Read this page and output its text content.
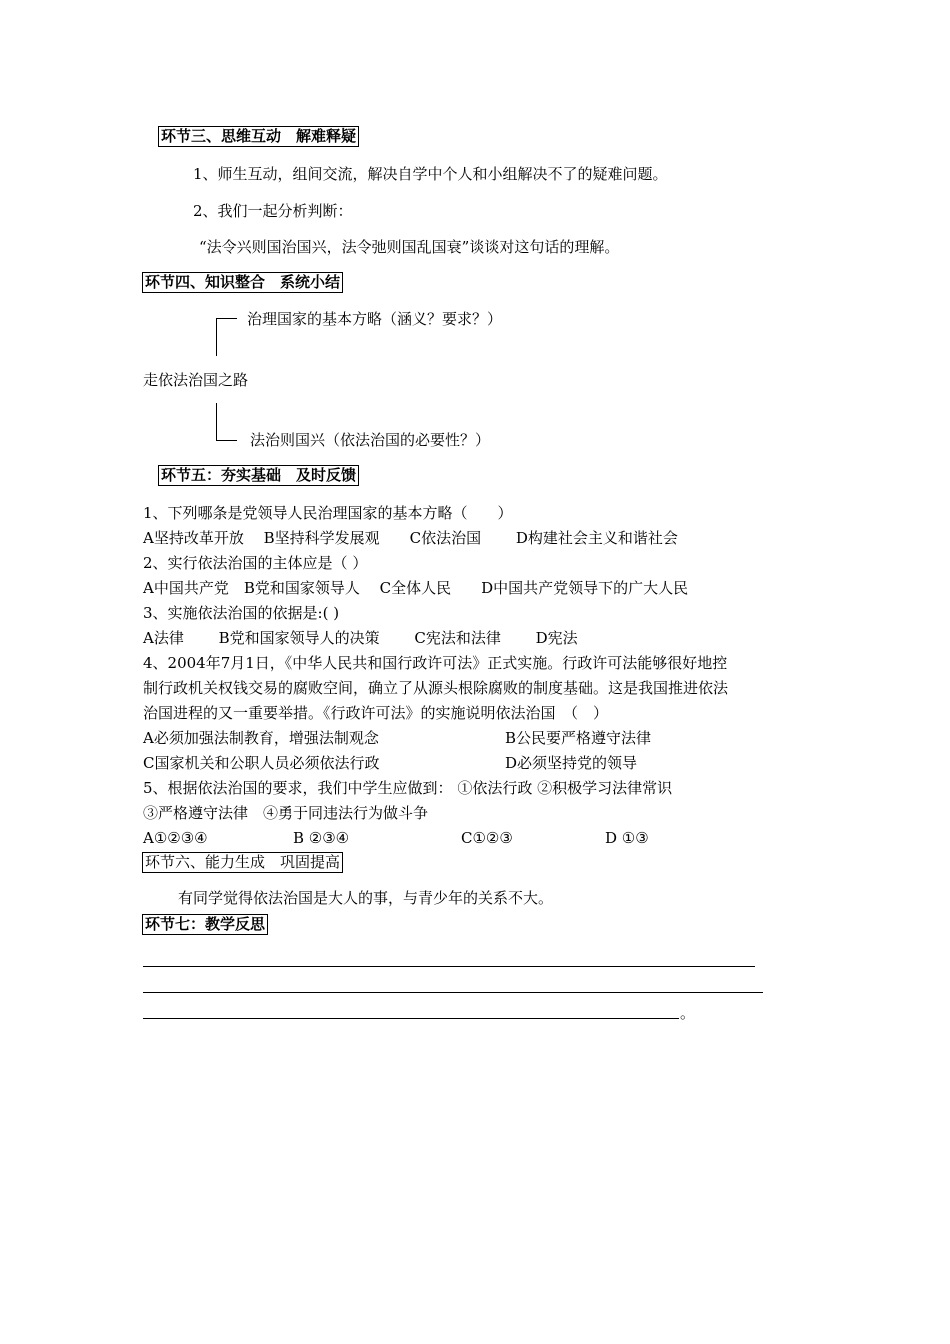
环节三、思维互动　解难释疑
1、师生互动，组间交流，解决自学中个人和小组解决不了的疑难问题。
2、我们一起分析判断：
“法令兴则国治国兴，法令弛则国乱国衰”谈谈对这句话的理解。
环节四、知识整合　系统小结
治理国家的基本方略（涵义？要求？）
走依法治国之路
法治则国兴（依法治国的必要性？）
环节五：夯实基础　及时反馈
1、下列哪条是党领导人民治理国家的基本方略（　　）
A坚持改革开放　 B坚持科学发展观　　C依法治国　　 D构建社会主义和谐社会
2、实行依法治国的主体应是（ ）
A中国共产党　B党和国家领导人　 C全体人民　　D中国共产党领导下的广大人民
3、实施依法治国的依据是:( )
A法律　　 B党和国家领导人的决策　　 C宪法和法律　　 D宪法
4、2004年7月1日，《中华人民共和国行政许可法》正式实施。行政许可法能够很好地控
制行政机关权钱交易的腐败空间，确立了从源头根除腐败的制度基础。这是我国推进依法
治国进程的又一重要举措。《行政许可法》的实施说明依法治国　（　）
A必须加强法制教育，增强法制观念	B公民要严格遵守法律
C国家机关和公职人员必须依法行政	D必须坚持党的领导
5、根据依法治国的要求，我们中学生应做到： ①依法行政 ②积极学习法律常识
③严格遵守法律　④勇于同违法行为做斗争
A①②③④	B ②③④	C①②③	D ①③
环节六、能力生成　巩固提高
有同学觉得依法治国是大人的事，与青少年的关系不大。
环节七：教学反思
。
